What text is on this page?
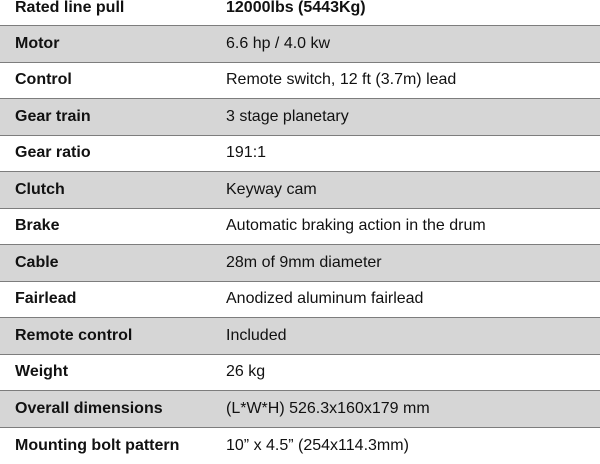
Rated line pull	12000lbs (5443Kg)
Motor	6.6 hp / 4.0 kw
Control	Remote switch, 12 ft (3.7m) lead
Gear train	3 stage planetary
Gear ratio	191:1
Clutch	Keyway cam
Brake	Automatic braking action in the drum
Cable	28m of 9mm diameter
Fairlead	Anodized aluminum fairlead
Remote control	Included
Weight	26 kg
Overall dimensions	(L*W*H) 526.3x160x179 mm
Mounting bolt pattern	10” x 4.5” (254x114.3mm)
